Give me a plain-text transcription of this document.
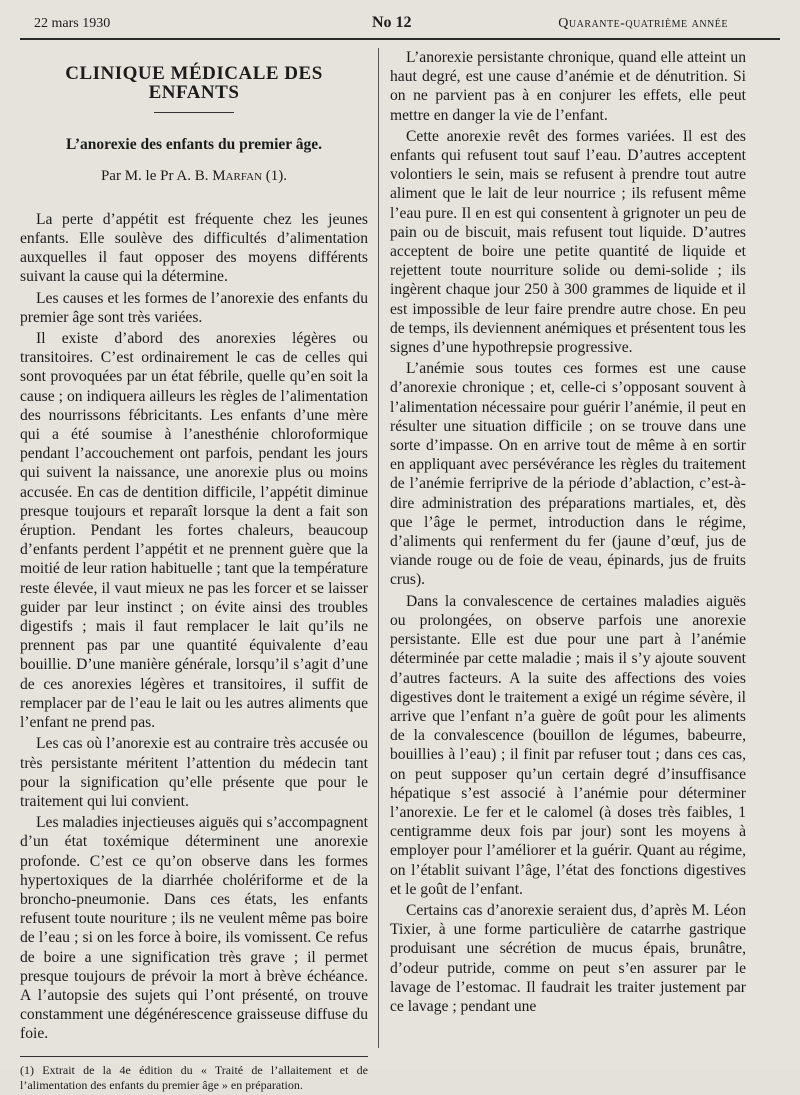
22 mars 1930	No 12	Quarante-quatrième année
CLINIQUE MÉDICALE DES ENFANTS
L’anorexie des enfants du premier âge.
Par M. le Pr A. B. Marfan (1).

La perte d’appétit est fréquente chez les jeunes enfants. Elle soulève des difficultés d’alimentation auxquelles il faut opposer des moyens différents suivant la cause qui la détermine.

Les causes et les formes de l’anorexie des enfants du premier âge sont très variées.

Il existe d’abord des anorexies légères ou transitoires. C’est ordinairement le cas de celles qui sont provoquées par un état fébrile, quelle qu’en soit la cause ; on indiquera ailleurs les règles de l’alimentation des nourrissons fébricitants. Les enfants d’une mère qui a été soumise à l’anesthénie chloroformique pendant l’accouchement ont parfois, pendant les jours qui suivent la naissance, une anorexie plus ou moins accusée. En cas de dentition difficile, l’appétit diminue presque toujours et reparaît lorsque la dent a fait son éruption. Pendant les fortes chaleurs, beaucoup d’enfants perdent l’appétit et ne prennent guère que la moitié de leur ration habituelle ; tant que la température reste élevée, il vaut mieux ne pas les forcer et se laisser guider par leur instinct ; on évite ainsi des troubles digestifs ; mais il faut remplacer le lait qu’ils ne prennent pas par une quantité équivalente d’eau bouillie. D’une manière générale, lorsqu’il s’agit d’une de ces anorexies légères et transitoires, il suffit de remplacer par de l’eau le lait ou les autres aliments que l’enfant ne prend pas.

Les cas où l’anorexie est au contraire très accusée ou très persistante méritent l’attention du médecin tant pour la signification qu’elle présente que pour le traitement qui lui convient.

Les maladies injectieuses aiguës qui s’accompagnent d’un état toxémique déterminent une anorexie profonde. C’est ce qu’on observe dans les formes hypertoxiques de la diarrhée cholériforme et de la broncho-pneumonie. Dans ces états, les enfants refusent toute nouriture ; ils ne veulent même pas boire de l’eau ; si on les force à boire, ils vomissent. Ce refus de boire a une signification très grave ; il permet presque toujours de prévoir la mort à brève échéance. A l’autopsie des sujets qui l’ont présenté, on trouve constamment une dégénérescence graisseuse diffuse du foie.

(1) Extrait de la 4e édition du « Traité de l’allaitement et de l’alimentation des enfants du premier âge » en préparation.

L’anorexie persistante chronique, quand elle atteint un haut degré, est une cause d’anémie et de dénutrition. Si on ne parvient pas à en conjurer les effets, elle peut mettre en danger la vie de l’enfant.

Cette anorexie revêt des formes variées. Il est des enfants qui refusent tout sauf l’eau. D’autres acceptent volontiers le sein, mais se refusent à prendre tout autre aliment que le lait de leur nourrice ; ils refusent même l’eau pure. Il en est qui consentent à grignoter un peu de pain ou de biscuit, mais refusent tout liquide. D’autres acceptent de boire une petite quantité de liquide et rejettent toute nourriture solide ou demi-solide ; ils ingèrent chaque jour 250 à 300 grammes de liquide et il est impossible de leur faire prendre autre chose. En peu de temps, ils deviennent anémiques et présentent tous les signes d’une hypothrepsie progressive.

L’anémie sous toutes ces formes est une cause d’anorexie chronique ; et, celle-ci s’opposant souvent à l’alimentation nécessaire pour guérir l’anémie, il peut en résulter une situation difficile ; on se trouve dans une sorte d’impasse. On en arrive tout de même à en sortir en appliquant avec persévérance les règles du traitement de l’anémie ferriprive de la période d’ablaction, c’est-à-dire administration des préparations martiales, et, dès que l’âge le permet, introduction dans le régime, d’aliments qui renferment du fer (jaune d’œuf, jus de viande rouge ou de foie de veau, épinards, jus de fruits crus).

Dans la convalescence de certaines maladies aiguës ou prolongées, on observe parfois une anorexie persistante. Elle est due pour une part à l’anémie déterminée par cette maladie ; mais il s’y ajoute souvent d’autres facteurs. A la suite des affections des voies digestives dont le traitement a exigé un régime sévère, il arrive que l’enfant n’a guère de goût pour les aliments de la convalescence (bouillon de légumes, babeurre, bouillies à l’eau) ; il finit par refuser tout ; dans ces cas, on peut supposer qu’un certain degré d’insuffisance hépatique s’est associé à l’anémie pour déterminer l’anorexie. Le fer et le calomel (à doses très faibles, 1 centigramme deux fois par jour) sont les moyens à employer pour l’améliorer et la guérir. Quant au régime, on l’établit suivant l’âge, l’état des fonctions digestives et le goût de l’enfant.

Certains cas d’anorexie seraient dus, d’après M. Léon Tixier, à une forme particulière de catarrhe gastrique produisant une sécrétion de mucus épais, brunâtre, d’odeur putride, comme on peut s’en assurer par le lavage de l’estomac. Il faudrait les traiter justement par ce lavage ; pendant une
